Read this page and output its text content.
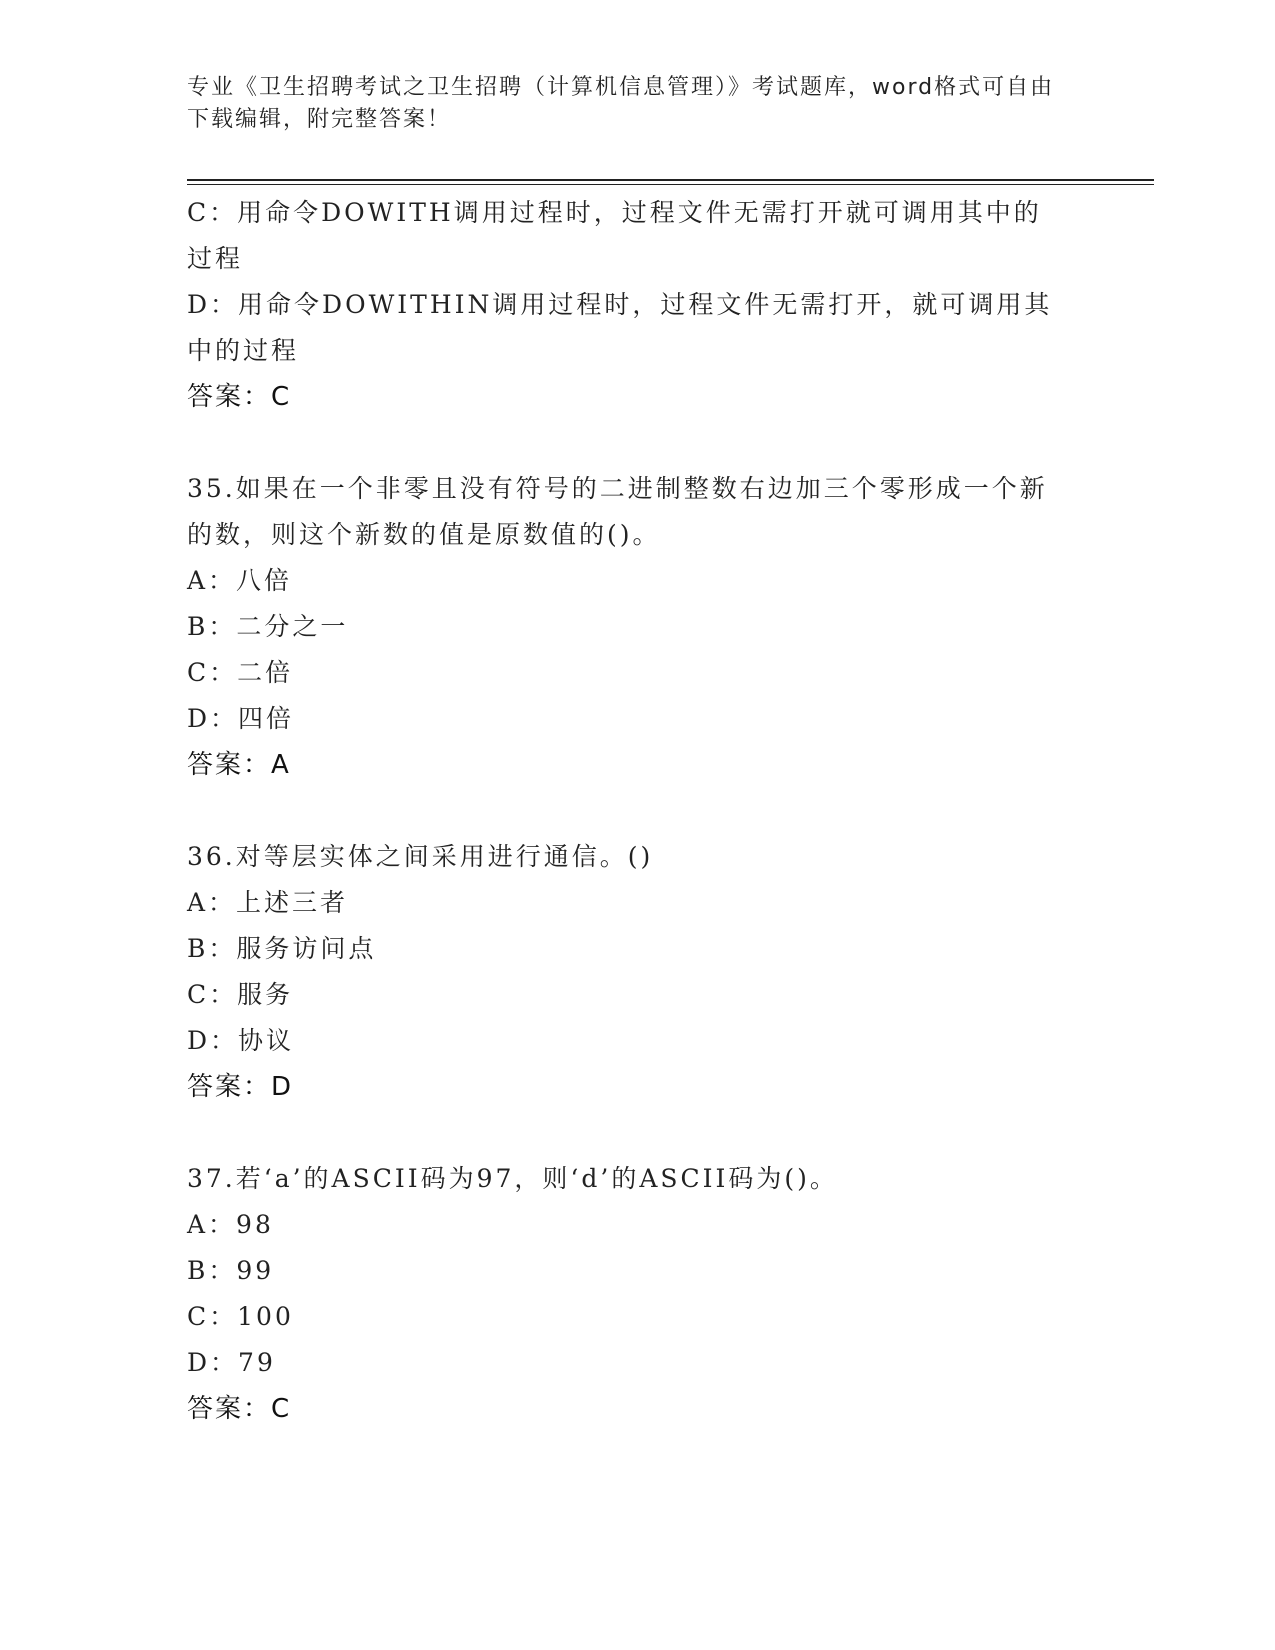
专业《卫生招聘考试之卫生招聘（计算机信息管理）》考试题库，word格式可自由下载编辑，附完整答案！
C：用命令DOWITH调用过程时，过程文件无需打开就可调用其中的过程
D：用命令DOWITHIN调用过程时，过程文件无需打开，就可调用其中的过程
答案：C
35.如果在一个非零且没有符号的二进制整数右边加三个零形成一个新的数，则这个新数的值是原数值的()。
A：八倍
B：二分之一
C：二倍
D：四倍
答案：A
36.对等层实体之间采用进行通信。()
A：上述三者
B：服务访问点
C：服务
D：协议
答案：D
37.若‘a’的ASCII码为97，则‘d’的ASCII码为()。
A：98
B：99
C：100
D：79
答案：C
